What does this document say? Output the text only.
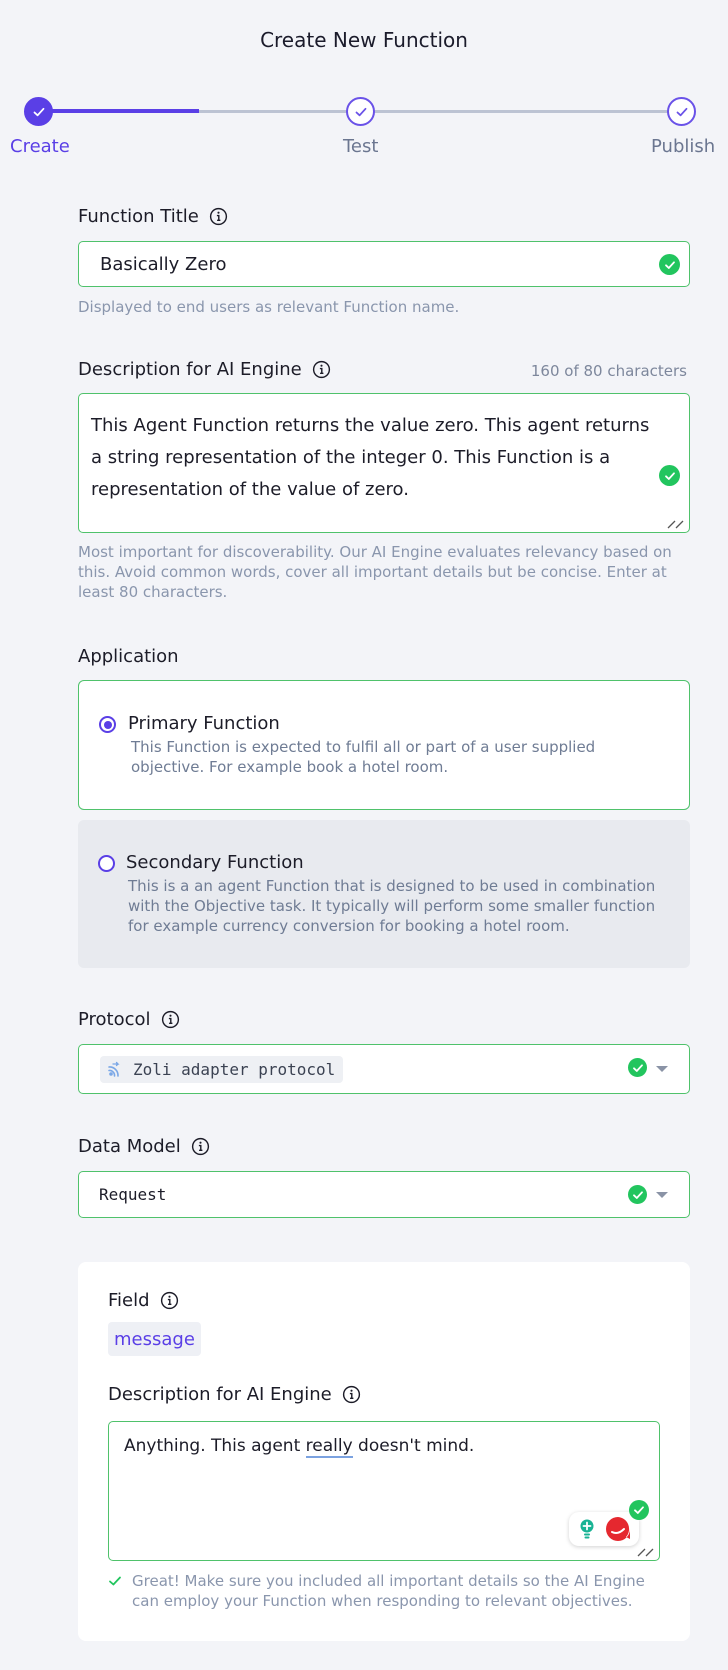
Create New Function
Create	Test	Publish
Function Title
Basically Zero
Displayed to end users as relevant Function name.
Description for AI Engine	160 of 80 characters
This Agent Function returns the value zero. This agent returns a string representation of the integer 0. This Function is a representation of the value of zero.
Most important for discoverability. Our AI Engine evaluates relevancy based on this. Avoid common words, cover all important details but be concise. Enter at least 80 characters.
Application
Primary Function
This Function is expected to fulfil all or part of a user supplied objective. For example book a hotel room.
Secondary Function
This is a an agent Function that is designed to be used in combination with the Objective task. It typically will perform some smaller function for example currency conversion for booking a hotel room.
Protocol
Zoli adapter protocol
Data Model
Request
Field
message
Description for AI Engine
Anything. This agent really doesn't mind.
Great! Make sure you included all important details so the AI Engine can employ your Function when responding to relevant objectives.
